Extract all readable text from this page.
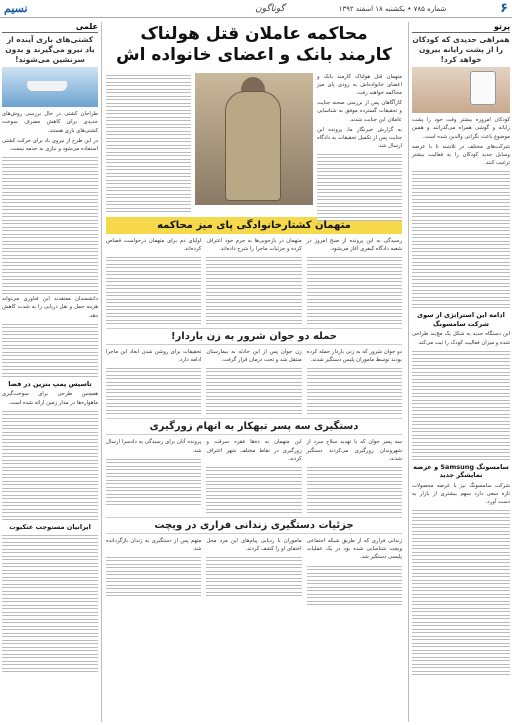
۶
شماره ۷۸۵ • یکشنبه ۱۸ اسفند ۱۳۹۲
گوناگون
نسیم
پرتو
همراهی جدیدی که کودکان را از پشت رایانه بیرون خواهد کرد!

کودکان امروزه بیشتر وقت خود را پشت رایانه و گوشی همراه می‌گذرانند و همین موضوع باعث نگرانی والدین شده است.

شرکت‌های مختلف در تلاشند تا با عرضه وسایل جدید کودکان را به فعالیت بیشتر ترغیب کنند.

ادامه این استراتژی از سوی شرکت سامسونگ

این دستگاه جدید به شکل یک مچ‌بند طراحی شده و میزان فعالیت کودک را ثبت می‌کند.

سامسونگ Samsung و عرضه نمایشگر جدید

شرکت سامسونگ نیز با عرضه محصولات تازه سعی دارد سهم بیشتری از بازار به دست آورد.

محاکمه عاملان قتل هولناک
کارمند بانک و اعضای خانواده اش

متهمان قتل هولناک کارمند بانک و اعضای خانواده‌اش به زودی پای میز محاکمه خواهند رفت.

کارآگاهان پس از بررسی صحنه جنایت و تحقیقات گسترده موفق به شناسایی عاملان این جنایت شدند.

به گزارش خبرنگار ما، پرونده این جنایت پس از تکمیل تحقیقات به دادگاه ارسال شد.

متهمان کشتارخانوادگی پای میز محاکمه

رسیدگی به این پرونده از صبح امروز در شعبه دادگاه کیفری آغاز می‌شود.

متهمان در بازجویی‌ها به جرم خود اعتراف کرده و جزئیات ماجرا را شرح داده‌اند.

اولیای دم برای متهمان درخواست قصاص کرده‌اند.

حمله دو جوان شرور به زن باردار!

دو جوان شرور که به زنی باردار حمله کرده بودند توسط ماموران پلیس دستگیر شدند.

زن جوان پس از این حادثه به بیمارستان منتقل شد و تحت درمان قرار گرفت.

تحقیقات برای روشن شدن ابعاد این ماجرا ادامه دارد.

دستگیری سه پسر تبهکار به اتهام زورگیری

سه پسر جوان که با تهدید سلاح سرد از شهروندان زورگیری می‌کردند دستگیر شدند.

این متهمان به ده‌ها فقره سرقت و زورگیری در نقاط مختلف شهر اعتراف کردند.

پرونده آنان برای رسیدگی به دادسرا ارسال شد.

جزئیات دستگیری زندانی فراری در ویچت

زندانی فراری که از طریق شبکه اجتماعی ویچت شناسایی شده بود در یک عملیات پلیسی دستگیر شد.

ماموران با ردیابی پیام‌های این مرد محل اختفای او را کشف کردند.

متهم پس از دستگیری به زندان بازگردانده شد.

علمی
کشتی‌های باری آینده از باد نیرو می‌گیرند و بدون سرنشین می‌شوند!

طراحان کشتی در حال بررسی روش‌های جدیدی برای کاهش مصرف سوخت کشتی‌های باری هستند.

در این طرح از نیروی باد برای حرکت کشتی استفاده می‌شود و نیازی به خدمه نیست.

دانشمندان معتقدند این فناوری می‌تواند هزینه حمل و نقل دریایی را به شدت کاهش دهد.

تاسیس پمپ بنزین در فضا

همچنین طرحی برای سوخت‌گیری ماهواره‌ها در مدار زمین ارائه شده است.

ایرانیان مستوجب عنکبوت
